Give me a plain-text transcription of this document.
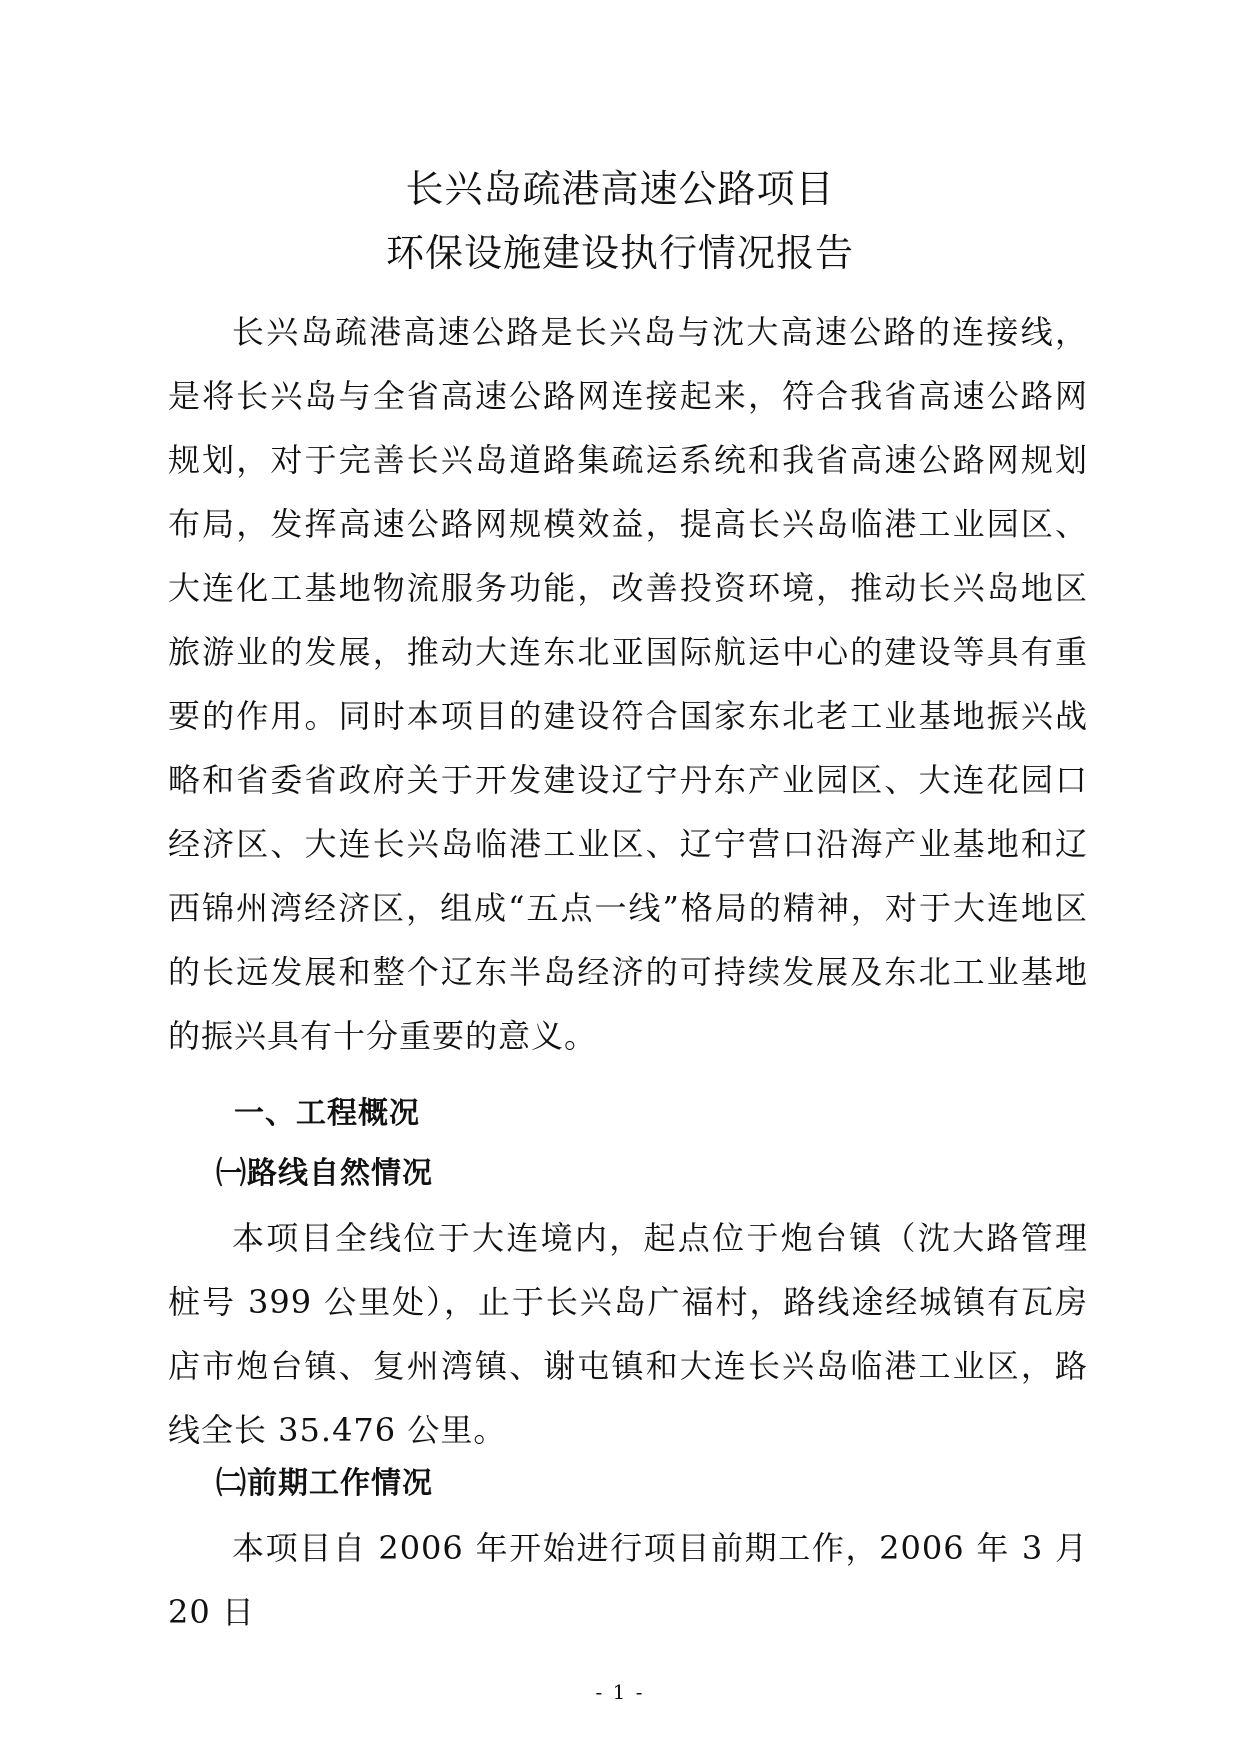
长兴岛疏港高速公路项目
环保设施建设执行情况报告

长兴岛疏港高速公路是长兴岛与沈大高速公路的连接线，是将长兴岛与全省高速公路网连接起来，符合我省高速公路网规划，对于完善长兴岛道路集疏运系统和我省高速公路网规划布局，发挥高速公路网规模效益，提高长兴岛临港工业园区、大连化工基地物流服务功能，改善投资环境，推动长兴岛地区旅游业的发展，推动大连东北亚国际航运中心的建设等具有重要的作用。同时本项目的建设符合国家东北老工业基地振兴战略和省委省政府关于开发建设辽宁丹东产业园区、大连花园口经济区、大连长兴岛临港工业区、辽宁营口沿海产业基地和辽西锦州湾经济区，组成“五点一线”格局的精神，对于大连地区的长远发展和整个辽东半岛经济的可持续发展及东北工业基地的振兴具有十分重要的意义。

一、工程概况
㈠路线自然情况

本项目全线位于大连境内，起点位于炮台镇（沈大路管理桩号 399 公里处），止于长兴岛广福村，路线途经城镇有瓦房店市炮台镇、复州湾镇、谢屯镇和大连长兴岛临港工业区，路线全长 35.476 公里。

㈡前期工作情况

本项目自 2006 年开始进行项目前期工作，2006 年 3 月 20 日

- 1 -
